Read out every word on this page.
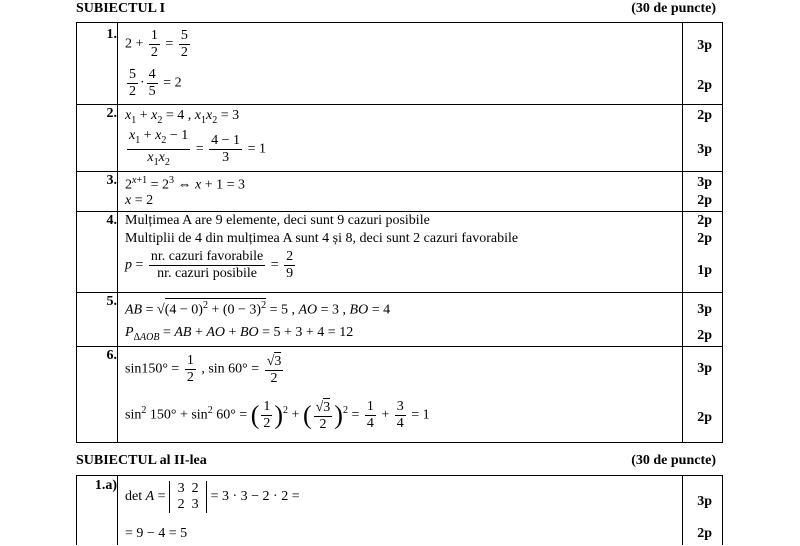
SUBIECTUL I	(30 de puncte)
1.
$2 + \frac{1}{2} = \frac{5}{2}$	3p
$\frac{5}{2} \cdot \frac{4}{5} = 2$	2p
2. $x_1 + x_2 = 4$ , $x_1x_2 = 3$	2p
$\frac{x_1 + x_2 - 1}{x_1x_2} = \frac{4 - 1}{3} = 1$	3p
3. $2^{x+1} = 2^3$ ⇔ x + 1 = 3	3p
x = 2	2p
4. Mulțimea A are 9 elemente, deci sunt 9 cazuri posibile	2p
Multiplii de 4 din mulțimea A sunt 4 și 8, deci sunt 2 cazuri favorabile	2p
$p = \frac{\text{nr. cazuri favorabile}}{\text{nr. cazuri posibile}} = \frac{2}{9}$	1p
5.
AB = $√(4 - 0)^2 + (0 - 3)^2 = 5$ , AO = 3 , BO = 4	3p
$P_{\Delta AOB}$ = AB + AO + BO = 5 + 3 + 4 = 12	2p
6.
$\sin 150^\circ = \frac{1}{2}$ , $\sin 60^\circ = \frac{√3}{2}$	3p
$\sin^2 150^\circ + \sin^2 60^\circ$ = ( $\frac{1}{2} )^2$ + ( $\frac{√3}{2} )^2 = \frac{1}{4} + \frac{3}{4} = 1$	2p
SUBIECTUL al II-lea	(30 de puncte)
1.a)
det A =
3 2
2 3
= 3 · 3 − 2 · 2 =	3p
= 9 − 4 = 5	2p
